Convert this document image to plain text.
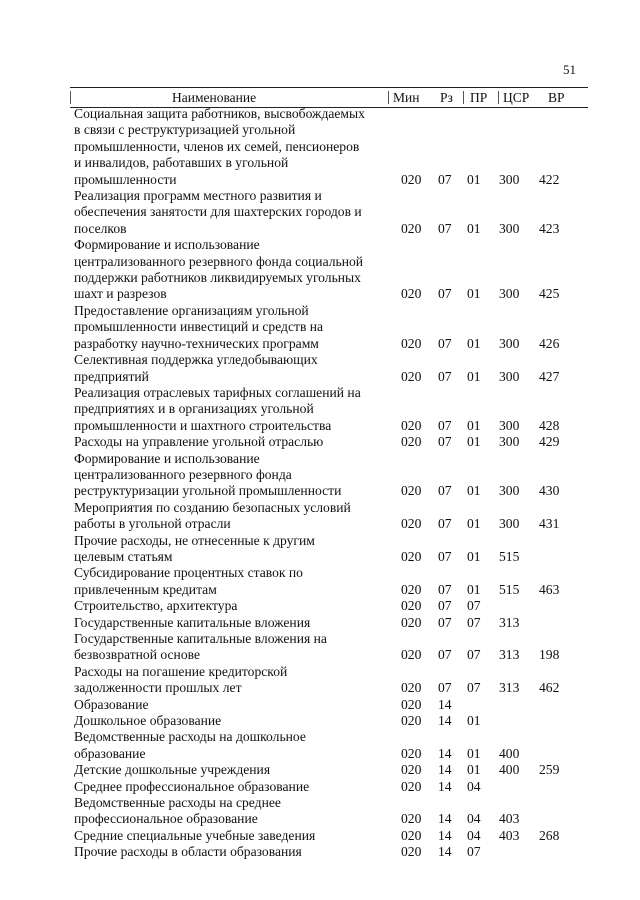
51
Наименование	Мин Рз ПР ЦСР ВР
Социальная защита работников, высвобождаемых
в связи с реструктуризацией угольной
промышленности, членов их семей, пенсионеров
и инвалидов, работавших в угольной
промышленности	020 07 01 300 422
Реализация программ местного развития и
обеспечения занятости для шахтерских городов и
поселков	020 07 01 300 423
Формирование и использование
централизованного резервного фонда социальной
поддержки работников ликвидируемых угольных
шахт и разрезов	020 07 01 300 425
Предоставление организациям угольной
промышленности инвестиций и средств на
разработку научно-технических программ	020 07 01 300 426
Селективная поддержка угледобывающих
предприятий	020 07 01 300 427
Реализация отраслевых тарифных соглашений на
предприятиях и в организациях угольной
промышленности и шахтного строительства	020 07 01 300 428
Расходы на управление угольной отраслью	020 07 01 300 429
Формирование и использование
централизованного резервного фонда
реструктуризации угольной промышленности	020 07 01 300 430
Мероприятия по созданию безопасных условий
работы в угольной отрасли	020 07 01 300 431
Прочие расходы, не отнесенные к другим
целевым статьям	020 07 01 515
Субсидирование процентных ставок по
привлеченным кредитам	020 07 01 515 463
Строительство, архитектура	020 07 07
Государственные капитальные вложения	020 07 07 313
Государственные капитальные вложения на
безвозвратной основе	020 07 07 313 198
Расходы на погашение кредиторской
задолженности прошлых лет	020 07 07 313 462
Образование	020 14
Дошкольное образование	020 14 01
Ведомственные расходы на дошкольное
образование	020 14 01 400
Детские дошкольные учреждения	020 14 01 400 259
Среднее профессиональное образование	020 14 04
Ведомственные расходы на среднее
профессиональное образование	020 14 04 403
Средние специальные учебные заведения	020 14 04 403 268
Прочие расходы в области образования	020 14 07
